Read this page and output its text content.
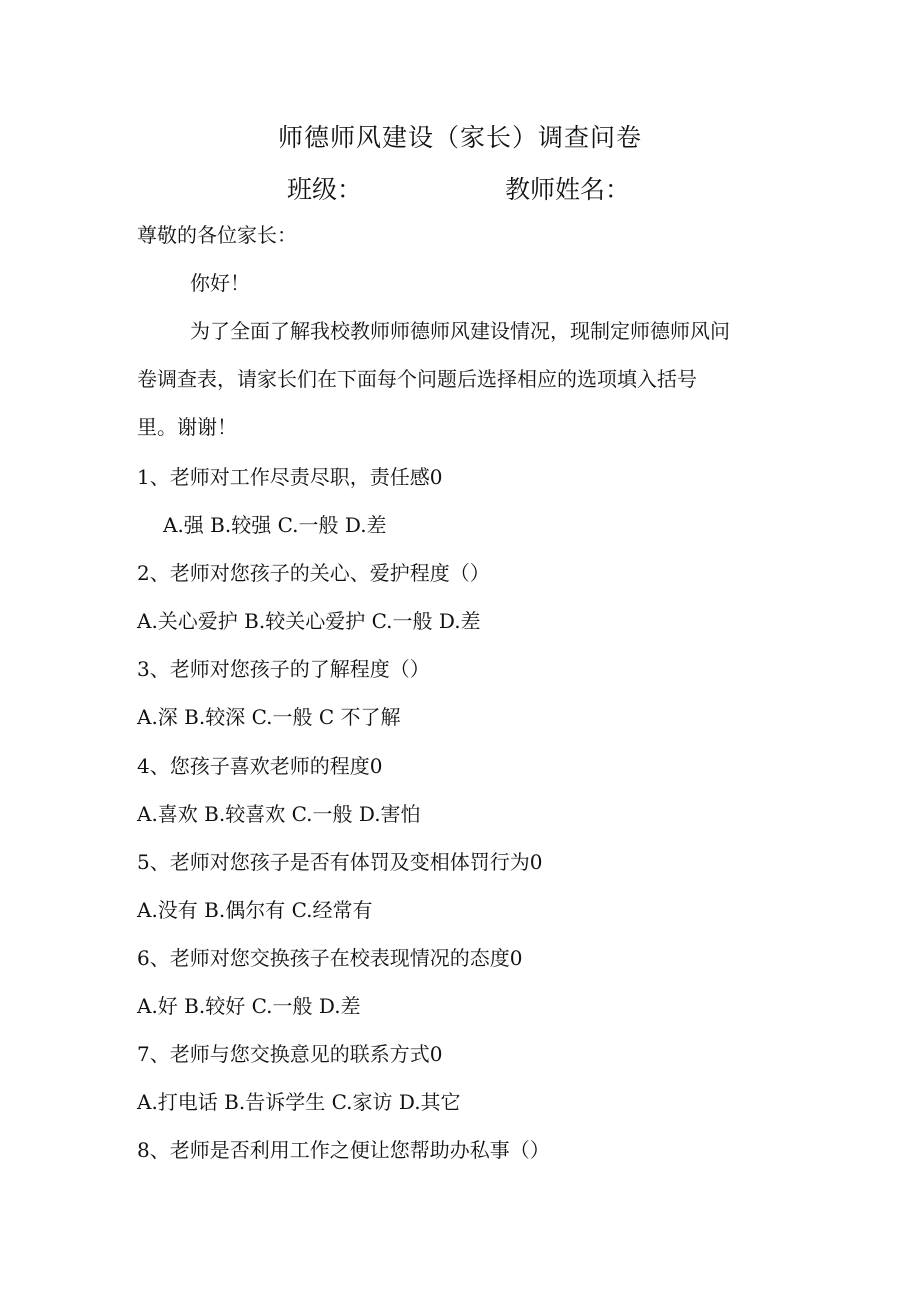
师德师风建设（家长）调查问卷
班级：	教师姓名：

尊敬的各位家长：

你好！

为了全面了解我校教师师德师风建设情况，现制定师德师风问

卷调查表，请家长们在下面每个问题后选择相应的选项填入括号

里。谢谢！

1、老师对工作尽责尽职，责任感0

A.强 B.较强 C.一般 D.差

2、老师对您孩子的关心、爱护程度（）

A.关心爱护 B.较关心爱护 C.一般 D.差

3、老师对您孩子的了解程度（）

A.深 B.较深 C.一般 C 不了解

4、您孩子喜欢老师的程度0

A.喜欢 B.较喜欢 C.一般 D.害怕

5、老师对您孩子是否有体罚及变相体罚行为0

A.没有 B.偶尔有 C.经常有

6、老师对您交换孩子在校表现情况的态度0

A.好 B.较好 C.一般 D.差

7、老师与您交换意见的联系方式0

A.打电话 B.告诉学生 C.家访 D.其它

8、老师是否利用工作之便让您帮助办私事（）
